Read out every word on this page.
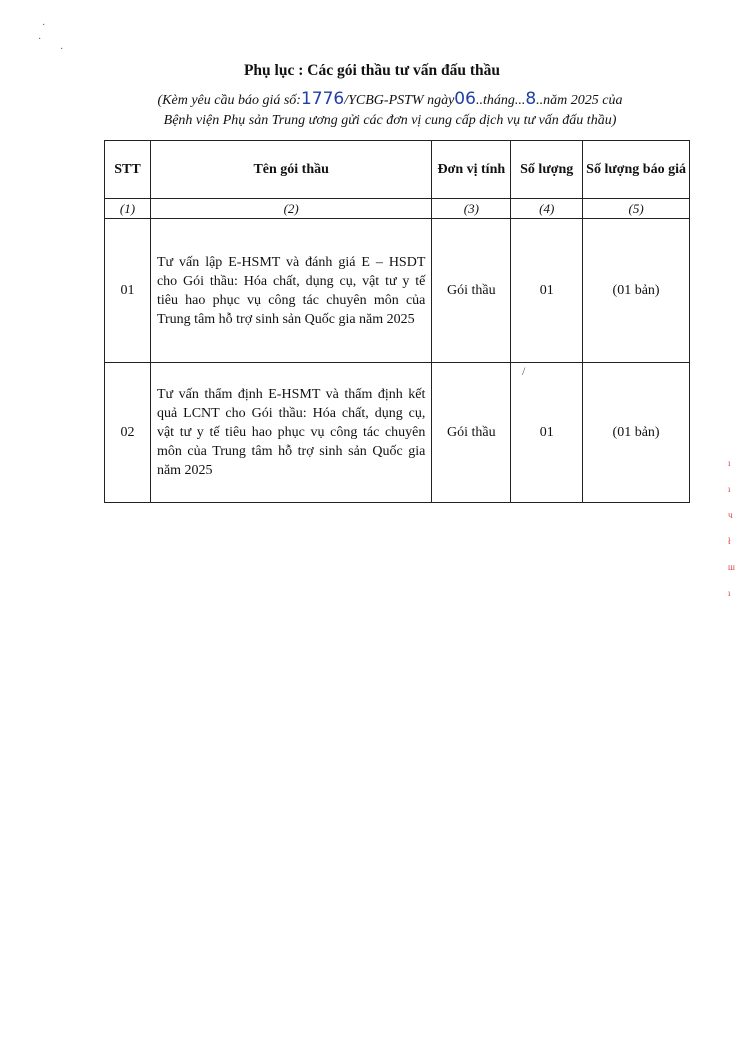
·
·
·
Phụ lục : Các gói thầu tư vấn đấu thầu
(Kèm yêu cầu báo giá số:1776/YCBG-PSTW ngày06..tháng...8..năm 2025 của
Bệnh viện Phụ sản Trung ương gửi các đơn vị cung cấp dịch vụ tư vấn đấu thầu)
STT	Tên gói thầu	Đơn vị tính	Số lượng	Số lượng báo giá
(1)	(2)	(3)	(4)	(5)
01	Tư vấn lập E-HSMT và đánh giá E – HSDT cho Gói thầu: Hóa chất, dụng cụ, vật tư y tế tiêu hao phục vụ công tác chuyên môn của Trung tâm hỗ trợ sinh sản Quốc gia năm 2025	Gói thầu	01	(01 bản)
02	Tư vấn thẩm định E-HSMT và thẩm định kết quả LCNT cho Gói thầu: Hóa chất, dụng cụ, vật tư y tế tiêu hao phục vụ công tác chuyên môn của Trung tâm hỗ trợ sinh sản Quốc gia năm 2025	Gói thầu	01	(01 bản)
/
ı
ı
ч
ł
ш
ı
